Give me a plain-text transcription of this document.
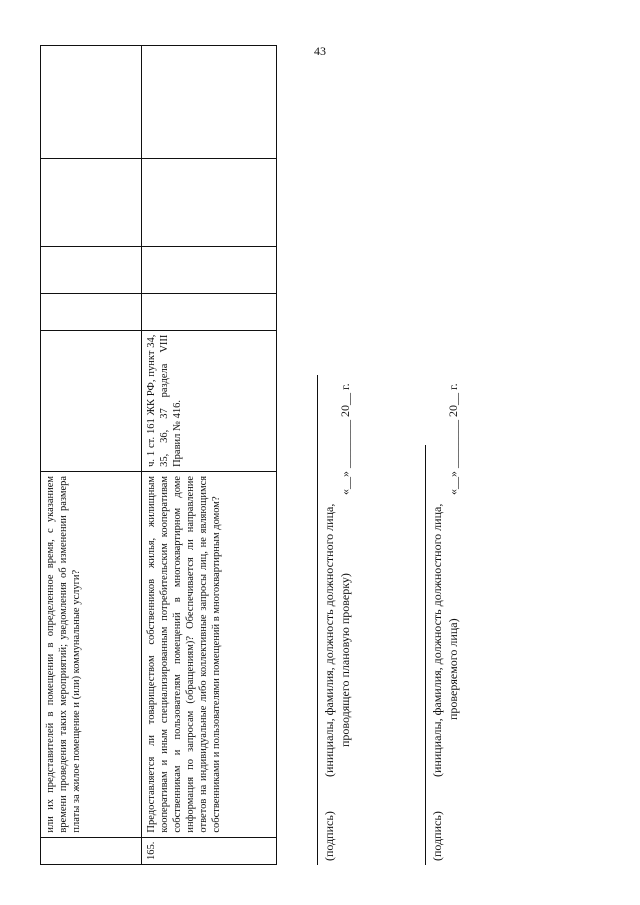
43
	или их представителей в помещении в определенное время, с указанием времени проведения таких мероприятий; уведомления об изменении размера платы за жилое помещение и (или) коммунальные услуги?					
165.	Предоставляется ли товариществом собственников жилья, жилищным кооперативам и иным специализированным потребительским кооперативам собственникам и пользователям помещений в многоквартирном доме информация по запросам (обращениям)? Обеспечивается ли направление ответов на индивидуальные либо коллективные запросы лиц, не являющимся собственниками и пользователями помещений в многоквартирным домом?	ч. 1 ст. 161 ЖК РФ, пункт 34, 35, 36, 37 раздела VIII Правил № 416.				
(подпись)
(инициалы, фамилия, должность должностного лица, проводящего плановую проверку)
«__» ________ 20__ г.
(подпись)
(инициалы, фамилия, должность должностного лица, проверяемого лица)
«__» ________ 20__ г.
